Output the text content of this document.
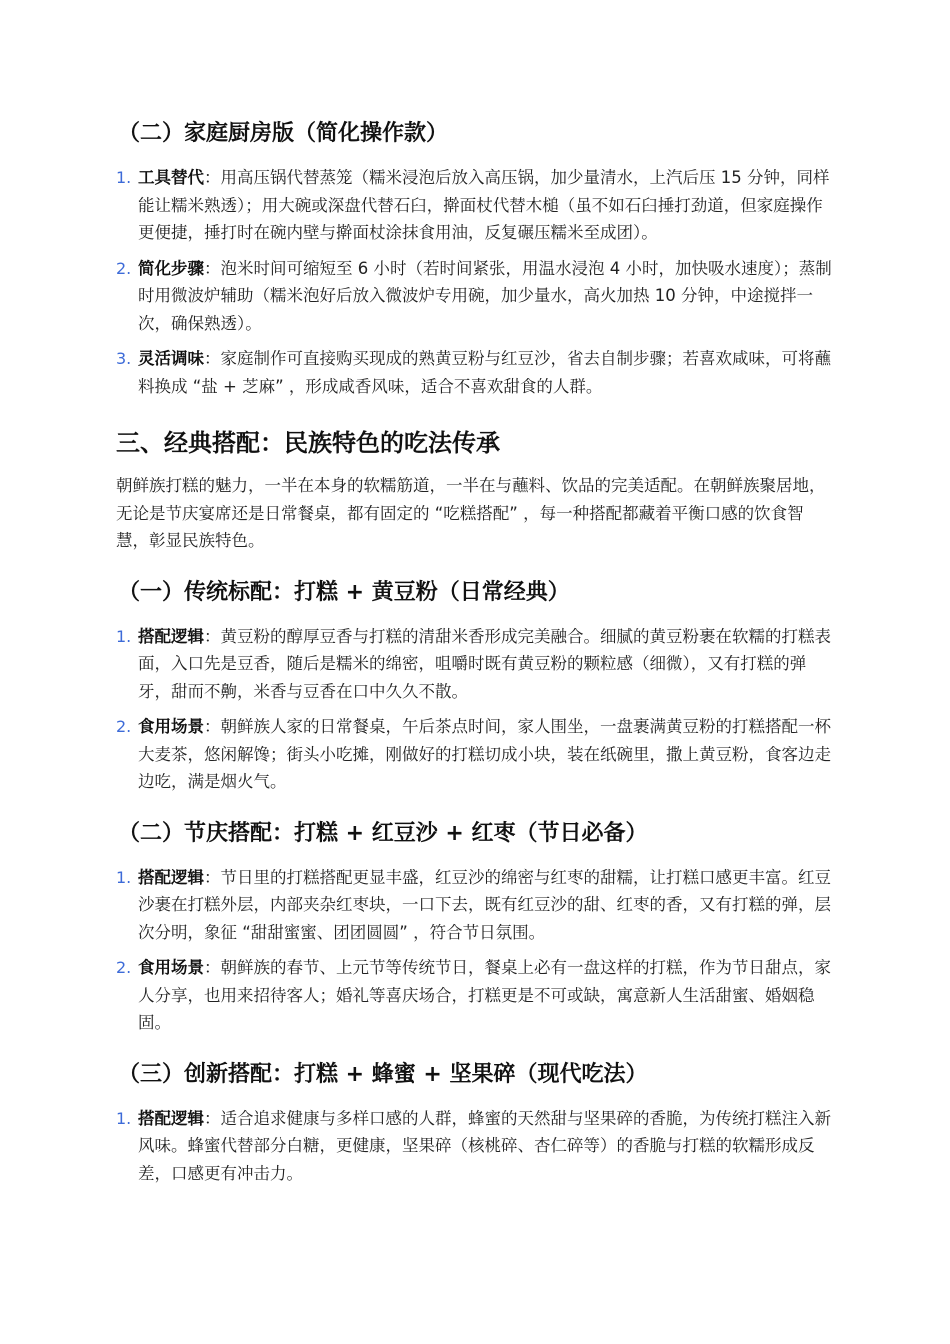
（二）家庭厨房版（简化操作款）
1. 工具替代：用高压锅代替蒸笼（糯米浸泡后放入高压锅，加少量清水，上汽后压 15 分钟，同样能让糯米熟透）；用大碗或深盘代替石臼，擀面杖代替木槌（虽不如石臼捶打劲道，但家庭操作更便捷，捶打时在碗内壁与擀面杖涂抹食用油，反复碾压糯米至成团）。
2. 简化步骤：泡米时间可缩短至 6 小时（若时间紧张，用温水浸泡 4 小时，加快吸水速度）；蒸制时用微波炉辅助（糯米泡好后放入微波炉专用碗，加少量水，高火加热 10 分钟，中途搅拌一次，确保熟透）。
3. 灵活调味：家庭制作可直接购买现成的熟黄豆粉与红豆沙，省去自制步骤；若喜欢咸味，可将蘸料换成 “盐 + 芝麻” ，形成咸香风味，适合不喜欢甜食的人群。
三、经典搭配：民族特色的吃法传承

朝鲜族打糕的魅力，一半在本身的软糯筋道，一半在与蘸料、饮品的完美适配。在朝鲜族聚居地，无论是节庆宴席还是日常餐桌，都有固定的 “吃糕搭配” ，每一种搭配都藏着平衡口感的饮食智慧，彰显民族特色。

（一）传统标配：打糕 + 黄豆粉（日常经典）
1. 搭配逻辑：黄豆粉的醇厚豆香与打糕的清甜米香形成完美融合。细腻的黄豆粉裹在软糯的打糕表面，入口先是豆香，随后是糯米的绵密，咀嚼时既有黄豆粉的颗粒感（细微），又有打糕的弹牙，甜而不齁，米香与豆香在口中久久不散。
2. 食用场景：朝鲜族人家的日常餐桌，午后茶点时间，家人围坐，一盘裹满黄豆粉的打糕搭配一杯大麦茶，悠闲解馋；街头小吃摊，刚做好的打糕切成小块，装在纸碗里，撒上黄豆粉，食客边走边吃，满是烟火气。
（二）节庆搭配：打糕 + 红豆沙 + 红枣（节日必备）
1. 搭配逻辑：节日里的打糕搭配更显丰盛，红豆沙的绵密与红枣的甜糯，让打糕口感更丰富。红豆沙裹在打糕外层，内部夹杂红枣块，一口下去，既有红豆沙的甜、红枣的香，又有打糕的弹，层次分明，象征 “甜甜蜜蜜、团团圆圆” ，符合节日氛围。
2. 食用场景：朝鲜族的春节、上元节等传统节日，餐桌上必有一盘这样的打糕，作为节日甜点，家人分享，也用来招待客人；婚礼等喜庆场合，打糕更是不可或缺，寓意新人生活甜蜜、婚姻稳固。
（三）创新搭配：打糕 + 蜂蜜 + 坚果碎（现代吃法）
1. 搭配逻辑：适合追求健康与多样口感的人群，蜂蜜的天然甜与坚果碎的香脆，为传统打糕注入新风味。蜂蜜代替部分白糖，更健康，坚果碎（核桃碎、杏仁碎等）的香脆与打糕的软糯形成反差，口感更有冲击力。
